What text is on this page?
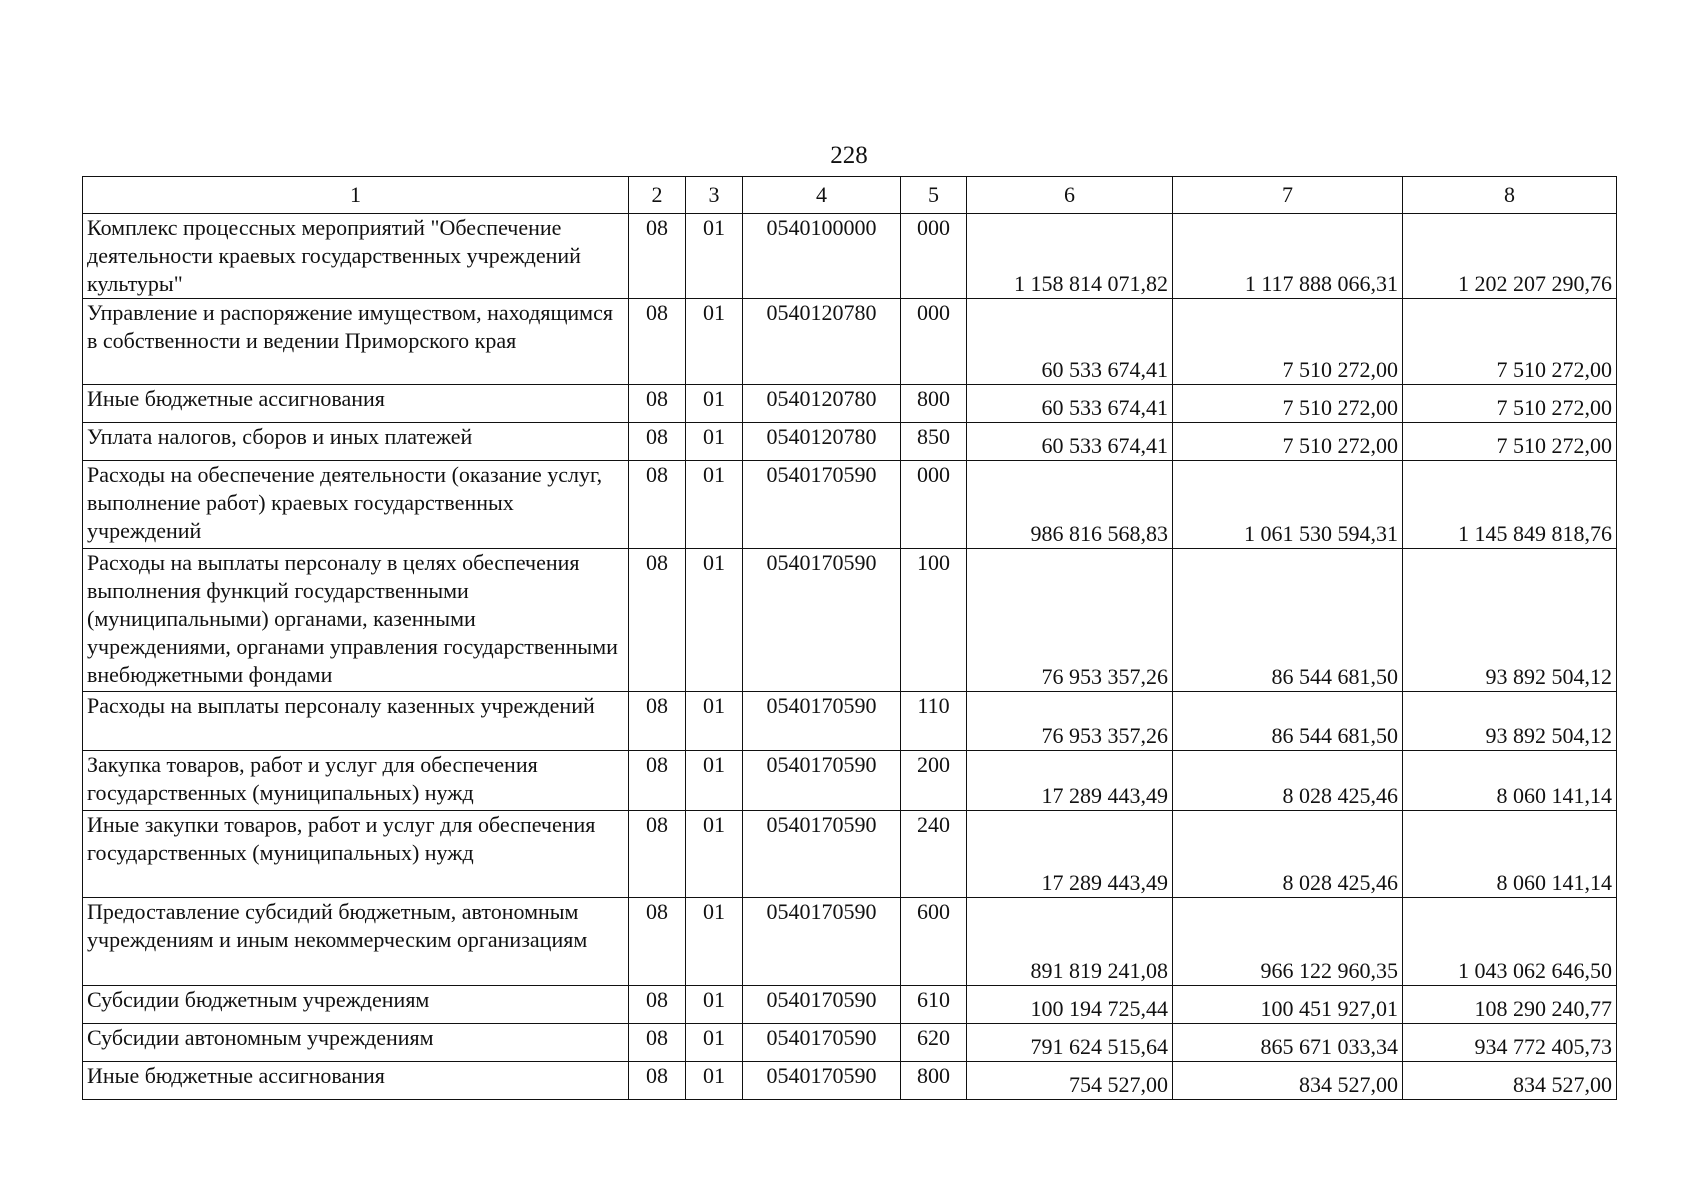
228
1	2	3	4	5	6	7	8
Комплекс процессных мероприятий "Обеспечение деятельности краевых государственных учреждений культуры"	08	01	0540100000	000	1 158 814 071,82	1 117 888 066,31	1 202 207 290,76
Управление и распоряжение имуществом, находящимся в собственности и ведении Приморского края	08	01	0540120780	000	60 533 674,41	7 510 272,00	7 510 272,00
Иные бюджетные ассигнования	08	01	0540120780	800	60 533 674,41	7 510 272,00	7 510 272,00
Уплата налогов, сборов и иных платежей	08	01	0540120780	850	60 533 674,41	7 510 272,00	7 510 272,00
Расходы на обеспечение деятельности (оказание услуг, выполнение работ) краевых государственных учреждений	08	01	0540170590	000	986 816 568,83	1 061 530 594,31	1 145 849 818,76
Расходы на выплаты персоналу в целях обеспечения выполнения функций государственными (муниципальными) органами, казенными учреждениями, органами управления государственными внебюджетными фондами	08	01	0540170590	100	76 953 357,26	86 544 681,50	93 892 504,12
Расходы на выплаты персоналу казенных учреждений	08	01	0540170590	110	76 953 357,26	86 544 681,50	93 892 504,12
Закупка товаров, работ и услуг для обеспечения государственных (муниципальных) нужд	08	01	0540170590	200	17 289 443,49	8 028 425,46	8 060 141,14
Иные закупки товаров, работ и услуг для обеспечения государственных (муниципальных) нужд	08	01	0540170590	240	17 289 443,49	8 028 425,46	8 060 141,14
Предоставление субсидий бюджетным, автономным учреждениям и иным некоммерческим организациям	08	01	0540170590	600	891 819 241,08	966 122 960,35	1 043 062 646,50
Субсидии бюджетным учреждениям	08	01	0540170590	610	100 194 725,44	100 451 927,01	108 290 240,77
Субсидии автономным учреждениям	08	01	0540170590	620	791 624 515,64	865 671 033,34	934 772 405,73
Иные бюджетные ассигнования	08	01	0540170590	800	754 527,00	834 527,00	834 527,00
